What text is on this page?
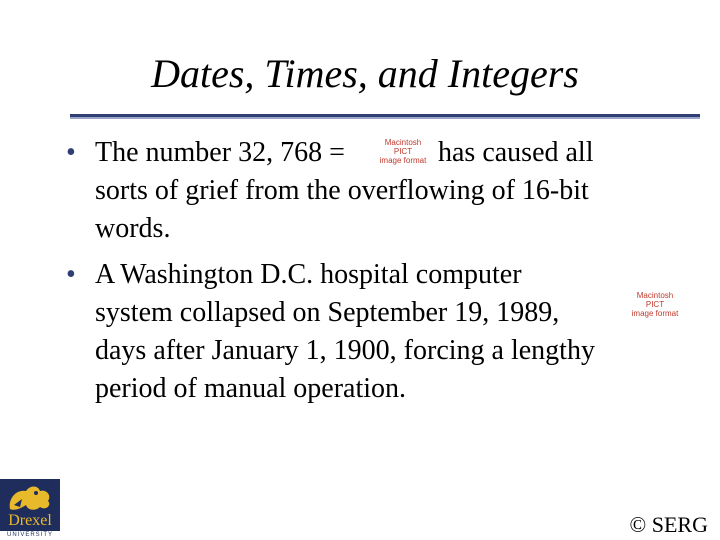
Dates, Times, and Integers
• The number 32, 768 =	Macintosh PICT
image format has caused all
sorts of grief from the overflowing of 16-bit
words.
• A Washington D.C. hospital computer
system collapsed on September 19, 1989,
Macintosh PICT
image format
days after January 1, 1900, forcing a lengthy
period of manual operation.
Drexel
UNIVERSITY	© SERG
